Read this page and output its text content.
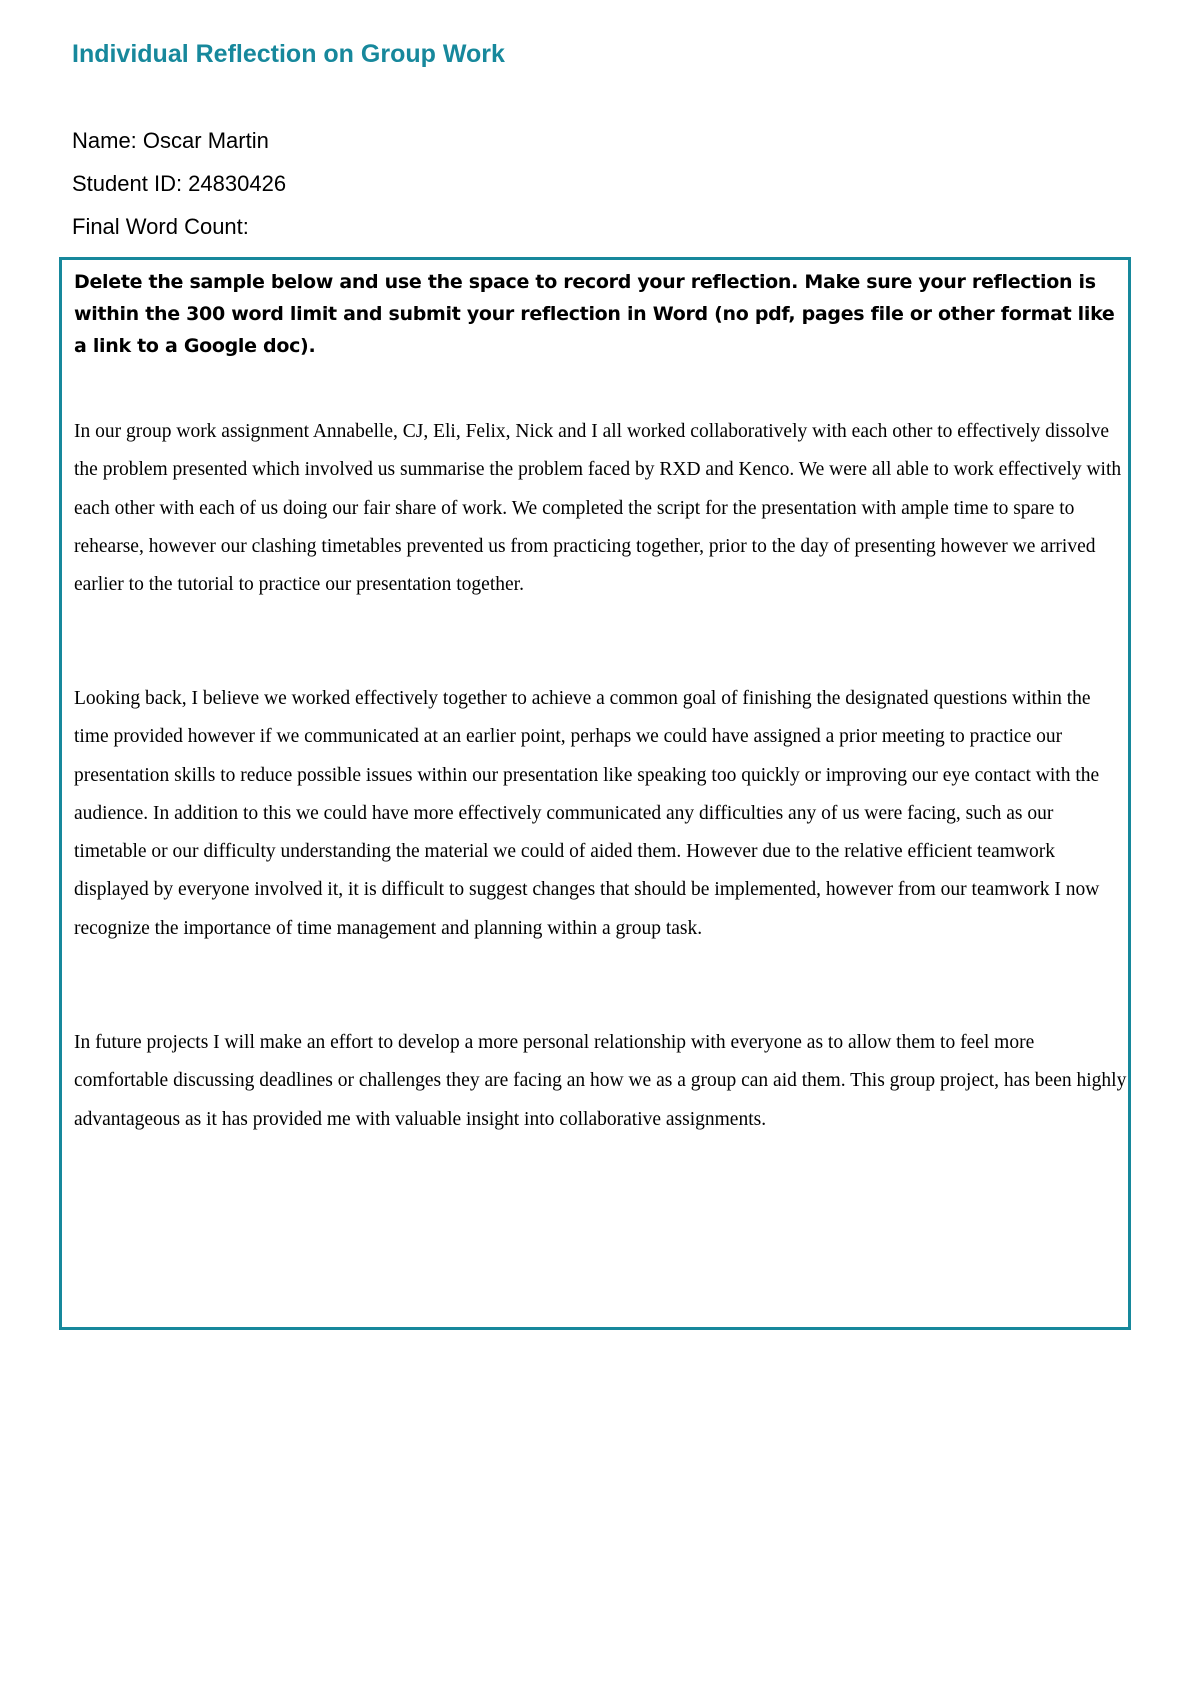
Individual Reflection on Group Work

Name: Oscar Martin

Student ID: 24830426

Final Word Count:

Delete the sample below and use the space to record your reflection. Make sure your reflection is within the 300 word limit and submit your reflection in Word (no pdf, pages file or other format like a link to a Google doc).

In our group work assignment Annabelle, CJ, Eli, Felix, Nick and I all worked collaboratively with each other to effectively dissolve the problem presented which involved us summarise the problem faced by RXD and Kenco. We were all able to work effectively with each other with each of us doing our fair share of work. We completed the script for the presentation with ample time to spare to rehearse, however our clashing timetables prevented us from practicing together, prior to the day of presenting however we arrived earlier to the tutorial to practice our presentation together.

Looking back, I believe we worked effectively together to achieve a common goal of finishing the designated questions within the time provided however if we communicated at an earlier point, perhaps we could have assigned a prior meeting to practice our presentation skills to reduce possible issues within our presentation like speaking too quickly or improving our eye contact with the audience. In addition to this we could have more effectively communicated any difficulties any of us were facing, such as our timetable or our difficulty understanding the material we could of aided them. However due to the relative efficient teamwork displayed by everyone involved it, it is difficult to suggest changes that should be implemented, however from our teamwork I now recognize the importance of time management and planning within a group task.

In future projects I will make an effort to develop a more personal relationship with everyone as to allow them to feel more comfortable discussing deadlines or challenges they are facing an how we as a group can aid them. This group project, has been highly advantageous as it has provided me with valuable insight into collaborative assignments.
